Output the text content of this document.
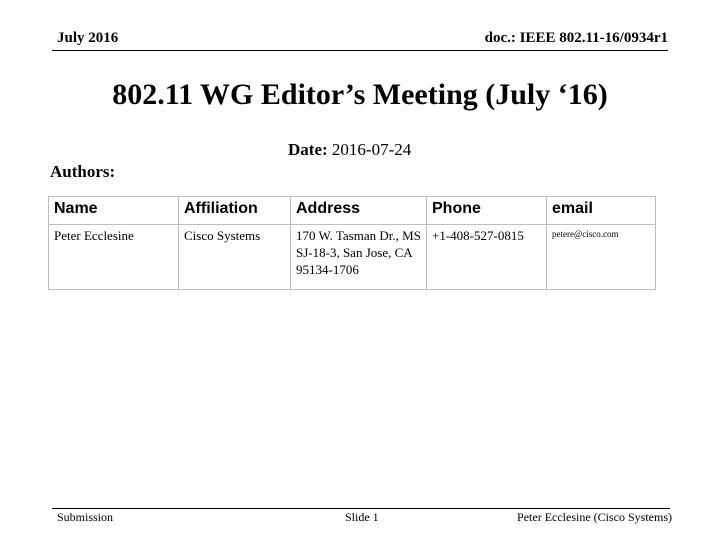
July 2016	doc.: IEEE 802.11-16/0934r1
802.11 WG Editor’s Meeting (July ‘16)
Date: 2016-07-24
Authors:
Name	Affiliation	Address	Phone	email
Peter Ecclesine	Cisco Systems	170 W. Tasman Dr., MS SJ-18-3, San Jose, CA 95134-1706	+1-408-527-0815	petere@cisco.com
Submission	Slide 1	Peter Ecclesine (Cisco Systems)
